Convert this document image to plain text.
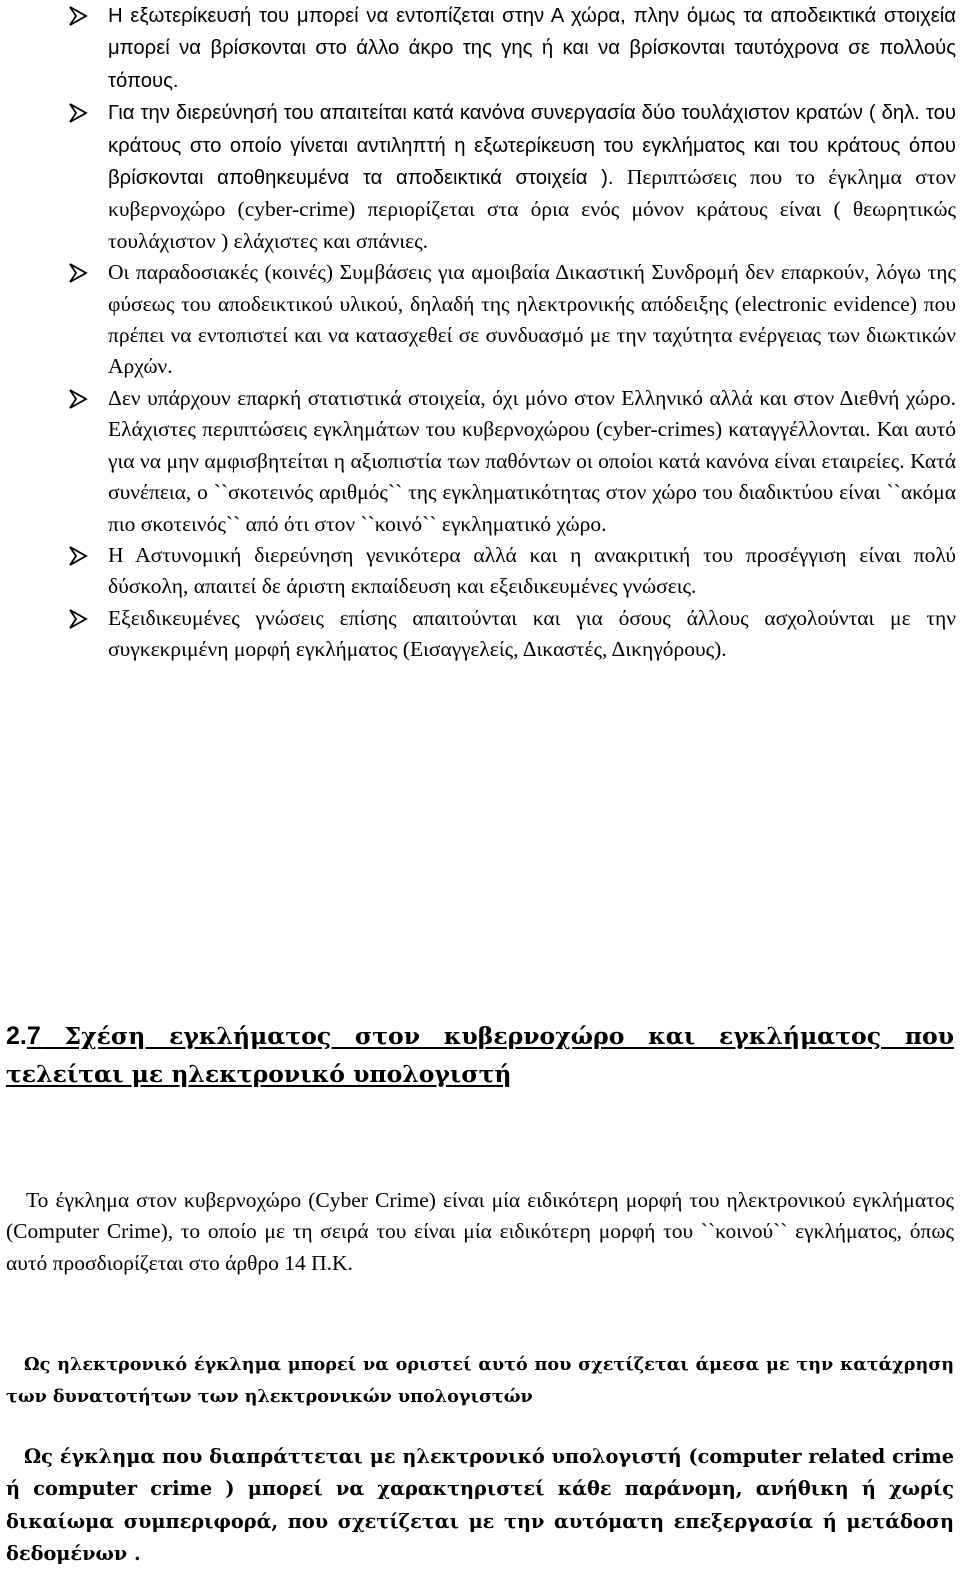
Η εξωτερίκευσή του μπορεί να εντοπίζεται στην Α χώρα, πλην όμως τα αποδεικτικά στοιχεία μπορεί να βρίσκονται στο άλλο άκρο της γης ή και να βρίσκονται ταυτόχρονα σε πολλούς τόπους.
Για την διερεύνησή του απαιτείται κατά κανόνα συνεργασία δύο τουλάχιστον κρατών ( δηλ. του κράτους στο οποίο γίνεται αντιληπτή η εξωτερίκευση του εγκλήματος και του κράτους όπου βρίσκονται αποθηκευμένα τα αποδεικτικά στοιχεία ). Περιπτώσεις που το έγκλημα στον κυβερνοχώρο (cyber-crime) περιορίζεται στα όρια ενός μόνον κράτους είναι ( θεωρητικώς τουλάχιστον ) ελάχιστες και σπάνιες.
Οι παραδοσιακές (κοινές) Συμβάσεις για αμοιβαία Δικαστική Συνδρομή δεν επαρκούν, λόγω της φύσεως του αποδεικτικού υλικού, δηλαδή της ηλεκτρονικής απόδειξης (electronic evidence) που πρέπει να εντοπιστεί και να κατασχεθεί σε συνδυασμό με την ταχύτητα ενέργειας των διωκτικών Αρχών.
Δεν υπάρχουν επαρκή στατιστικά στοιχεία, όχι μόνο στον Ελληνικό αλλά και στον Διεθνή χώρο. Ελάχιστες περιπτώσεις εγκλημάτων του κυβερνοχώρου (cyber-crimes) καταγγέλλονται. Και αυτό για να μην αμφισβητείται η αξιοπιστία των παθόντων οι οποίοι κατά κανόνα είναι εταιρείες. Κατά συνέπεια, ο ``σκοτεινός αριθμός`` της εγκληματικότητας στον χώρο του διαδικτύου είναι ``ακόμα πιο σκοτεινός`` από ότι στον ``κοινό`` εγκληματικό χώρο.
Η Αστυνομική διερεύνηση γενικότερα αλλά και η ανακριτική του προσέγγιση είναι πολύ δύσκολη, απαιτεί δε άριστη εκπαίδευση και εξειδικευμένες γνώσεις.
Εξειδικευμένες γνώσεις επίσης απαιτούνται και για όσους άλλους ασχολούνται με την συγκεκριμένη μορφή εγκλήματος (Εισαγγελείς, Δικαστές, Δικηγόρους).
2.7 Σχέση εγκλήματος στον κυβερνοχώρο και εγκλήματος που
τελείται με ηλεκτρονικό υπολογιστή

Το έγκλημα στον κυβερνοχώρο (Cyber Crime) είναι μία ειδικότερη μορφή του ηλεκτρονικού εγκλήματος (Computer Crime), το οποίο με τη σειρά του είναι μία ειδικότερη μορφή του ``κοινού`` εγκλήματος, όπως αυτό προσδιορίζεται στο άρθρο 14 Π.Κ.

Ως ηλεκτρονικό έγκλημα μπορεί να οριστεί αυτό που σχετίζεται άμεσα με την κατάχρηση των δυνατοτήτων των ηλεκτρονικών υπολογιστών

Ως έγκλημα που διαπράττεται με ηλεκτρονικό υπολογιστή (computer related crime ή computer crime ) μπορεί να χαρακτηριστεί κάθε παράνομη, ανήθικη ή χωρίς δικαίωμα συμπεριφορά, που σχετίζεται με την αυτόματη επεξεργασία ή μετάδοση δεδομένων .
